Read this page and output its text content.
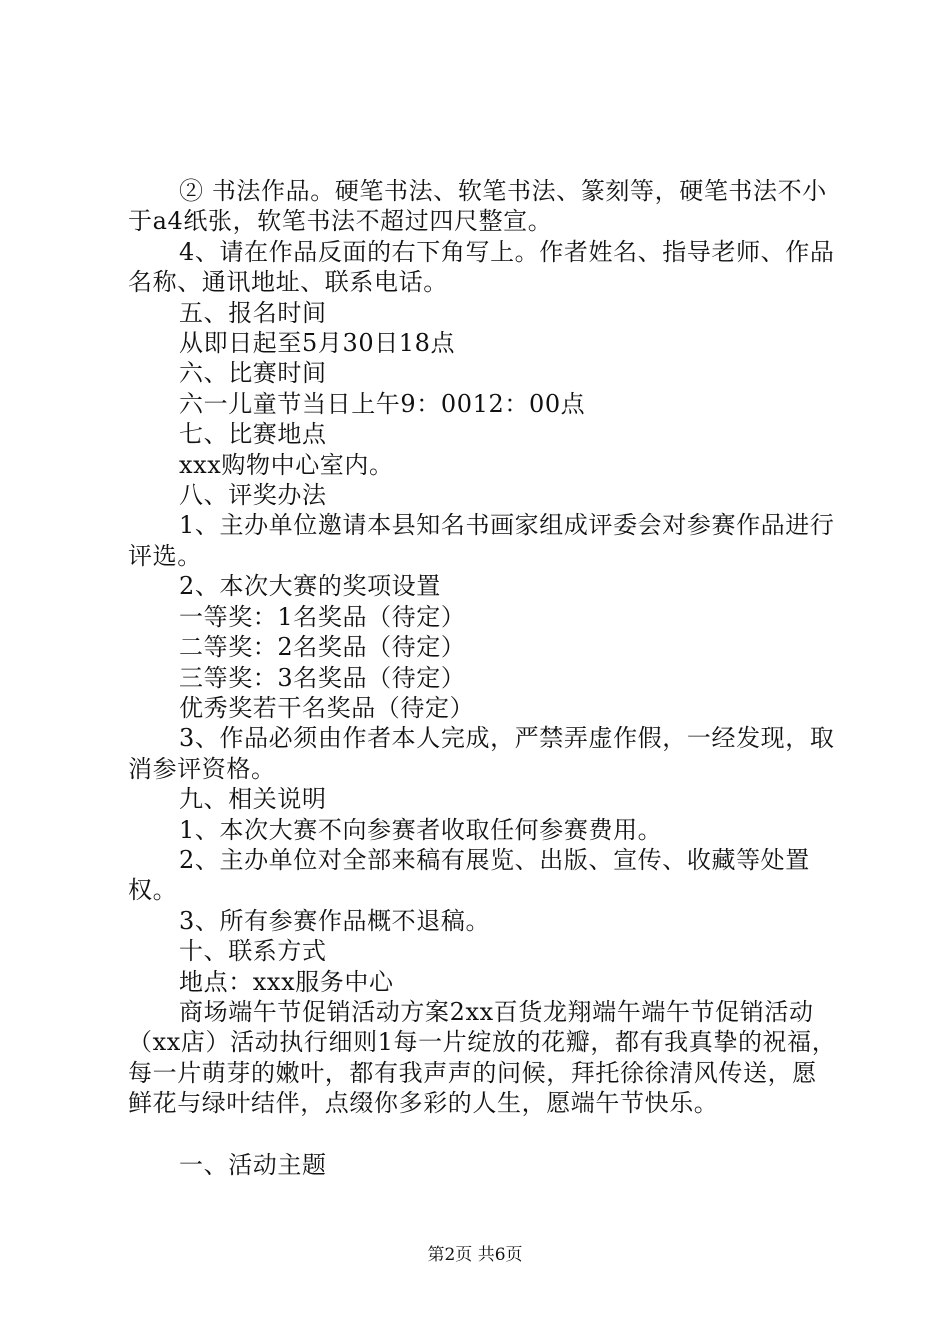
② 书法作品。硬笔书法、软笔书法、篆刻等，硬笔书法不小于a4纸张，软笔书法不超过四尺整宣。

4、请在作品反面的右下角写上。作者姓名、指导老师、作品名称、通讯地址、联系电话。

五、报名时间

从即日起至5月30日18点

六、比赛时间

六一儿童节当日上午9：0012：00点

七、比赛地点

xxx购物中心室内。

八、评奖办法

1、主办单位邀请本县知名书画家组成评委会对参赛作品进行评选。

2、本次大赛的奖项设置

一等奖：1名奖品（待定）

二等奖：2名奖品（待定）

三等奖：3名奖品（待定）

优秀奖若干名奖品（待定）

3、作品必须由作者本人完成，严禁弄虚作假，一经发现，取消参评资格。

九、相关说明

1、本次大赛不向参赛者收取任何参赛费用。

2、主办单位对全部来稿有展览、出版、宣传、收藏等处置权。

3、所有参赛作品概不退稿。

十、联系方式

地点：xxx服务中心

商场端午节促销活动方案2xx百货龙翔端午端午节促销活动（xx店）活动执行细则1每一片绽放的花瓣，都有我真挚的祝福，每一片萌芽的嫩叶，都有我声声的问候，拜托徐徐清风传送，愿鲜花与绿叶结伴，点缀你多彩的人生，愿端午节快乐。

一、活动主题

第2页 共6页
